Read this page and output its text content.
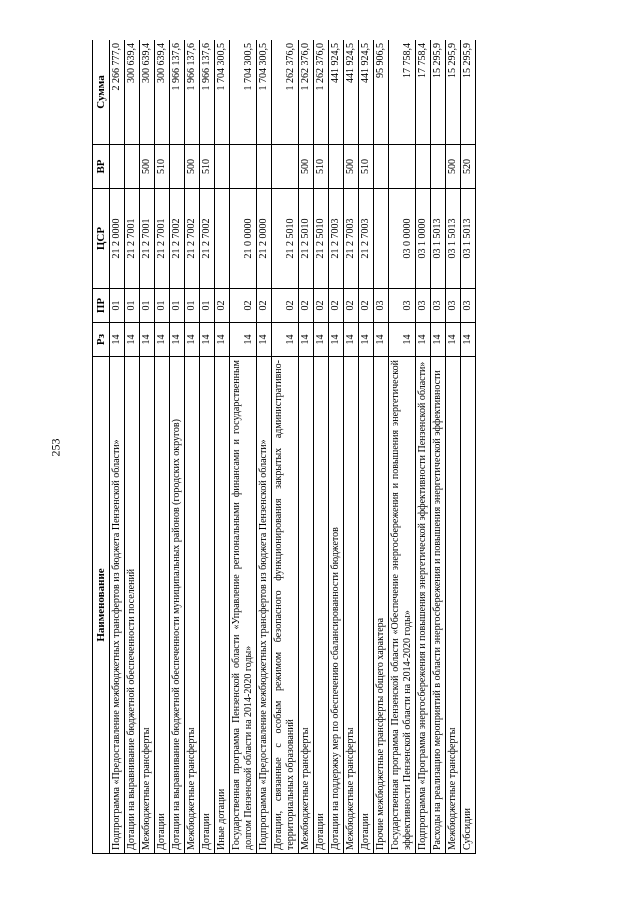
253
Наименование	Рз	ПР	ЦСР	ВР	Сумма
Подпрограмма «Предоставление межбюджетных трансфертов из бюджета Пензенской области»	14	01	21 2 0000		2 266 777,0
Дотации на выравнивание бюджетной обеспеченности поселений	14	01	21 2 7001		300 639,4
Межбюджетные трансферты	14	01	21 2 7001	500	300 639,4
Дотации	14	01	21 2 7001	510	300 639,4
Дотации на выравнивание бюджетной обеспеченности муниципальных районов (городских округов)	14	01	21 2 7002		1 966 137,6
Межбюджетные трансферты	14	01	21 2 7002	500	1 966 137,6
Дотации	14	01	21 2 7002	510	1 966 137,6
Иные дотации	14	02			1 704 300,5
Государственная программа Пензенской области «Управление региональными финансами и государственным долгом Пензенской области на 2014-2020 годы»	14	02	21 0 0000		1 704 300,5
Подпрограмма «Предоставление межбюджетных трансфертов из бюджета Пензенской области»	14	02	21 2 0000		1 704 300,5
Дотации, связанные с особым режимом безопасного функционирования закрытых административно-территориальных образований	14	02	21 2 5010		1 262 376,0
Межбюджетные трансферты	14	02	21 2 5010	500	1 262 376,0
Дотации	14	02	21 2 5010	510	1 262 376,0
Дотации на поддержку мер по обеспечению сбалансированности бюджетов	14	02	21 2 7003		441 924,5
Межбюджетные трансферты	14	02	21 2 7003	500	441 924,5
Дотации	14	02	21 2 7003	510	441 924,5
Прочие межбюджетные трансферты общего характера	14	03			95 906,5
Государственная программа Пензенской области «Обеспечение энергосбережения и повышения энергетической эффективности Пензенской области на 2014-2020 годы»	14	03	03 0 0000		17 758,4
Подпрограмма «Программа энергосбережения и повышения энергетической эффективности Пензенской области»	14	03	03 1 0000		17 758,4
Расходы на реализацию мероприятий в области энергосбережения и повышения энергетической эффективности	14	03	03 1 5013		15 295,9
Межбюджетные трансферты	14	03	03 1 5013	500	15 295,9
Субсидии	14	03	03 1 5013	520	15 295,9
